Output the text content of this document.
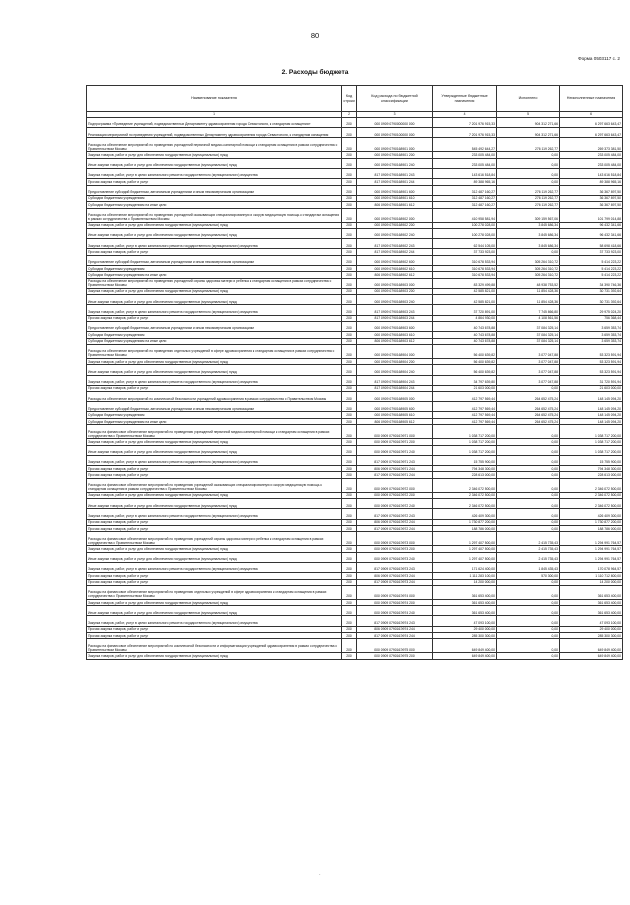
80
Форма 0503117 с. 2
2. Расходы бюджета
Наименование показателя	Код строки	Код расхода по бюджетной классификации	Утвержденные бюджетные назначения	Исполнено	Неисполненные назначения
1	2	3	4	5	6
Подпрограмма «Приведение учреждений, подведомственных Департаменту здравоохранения города Севастополя, к стандартам оснащения»	200	000 0909 0790000000 000	7 201 976 915,33	904 312 271,66	6 297 663 643,47
Реализация мероприятий по приведению учреждений, подведомственных Департаменту здравоохранения города Севастополя, к стандартам оснащения	200	000 0909 0790100000 000	7 201 976 915,33	904 312 271,66	6 297 663 643,47
Расходы на обеспечение мероприятий по приведению учреждений первичной медико-санитарной помощи к стандартам оснащения в рамках сотрудничества с Правительством Москвы	200	000 0909 0790168901 000	545 492 644,27	276 119 262,77	269 373 381,50
Закупка товаров, работ и услуг для обеспечения государственных (муниципальных) нужд	200	000 0909 0790168901 200	233 005 484,00	0,00	233 005 484,00
Иные закупки товаров, работ и услуг для обеспечения государственных (муниципальных) нужд	200	000 0909 0790168901 240	233 005 484,00	0,00	233 005 484,00
Закупка товаров, работ, услуг в целях капитального ремонта государственного (муниципального) имущества	200	817 0909 0790168901 243	143 616 518,84	0,00	143 616 518,84
Прочая закупка товаров, работ и услуг	200	817 0909 0790168901 244	89 388 965,16	0,00	89 388 965,16
Предоставление субсидий бюджетным, автономным учреждениям и иным некоммерческим организациям	200	000 0909 0790168901 600	312 487 160,27	276 119 262,77	36 367 897,50
Субсидии бюджетным учреждениям	200	000 0909 0790168901 610	312 487 160,27	276 119 262,77	36 367 897,50
Субсидии бюджетным учреждениям на иные цели	200	806 0909 0790168901 612	312 487 160,27	276 119 262,77	36 367 897,50
Расходы на обеспечение мероприятий по приведению учреждений оказывающих специализированную и скорую медицинскую помощь к стандартам оснащения в рамках сотрудничества с Правительством Москвы	200	000 0909 0790168902 000	410 958 581,94	309 159 567,06	101 799 014,88
Закупка товаров, работ и услуг для обеспечения государственных (муниципальных) нужд	200	000 0909 0790168902 200	100 278 028,00	3 845 686,34	96 432 341,66
Иные закупки товаров, работ и услуг для обеспечения государственных (муниципальных) нужд	200	000 0909 0790168902 240	100 278 028,00	3 845 686,34	96 432 341,66
Закупка товаров, работ, услуг в целях капитального ремонта государственного (муниципального) имущества	200	817 0909 0790168902 243	62 544 105,00	3 845 686,34	58 698 418,66
Прочая закупка товаров, работ и услуг	200	817 0909 0790168902 244	37 733 923,00	0,00	37 733 923,00
Предоставление субсидий бюджетным, автономным учреждениям и иным некоммерческим организациям	200	000 0909 0790168902 600	310 678 533,94	305 264 310,72	5 414 223,22
Субсидии бюджетным учреждениям	200	000 0909 0790168902 610	310 678 533,94	305 264 310,72	5 414 223,22
Субсидии бюджетным учреждениям на иные цели	200	806 0909 0790168902 612	310 678 533,94	305 264 310,72	5 414 223,22
Расходы на обеспечение мероприятий по приведению учреждений охраны здоровья матери и ребенка к стандартам оснащения в рамках сотрудничества с Правительством Москвы	200	000 0909 0790168903 000	83 329 499,88	48 938 753,52	34 390 746,36
Закупка товаров, работ и услуг для обеспечения государственных (муниципальных) нужд	200	000 0909 0790168903 200	42 585 821,00	11 854 428,36	30 731 392,64
Иные закупки товаров, работ и услуг для обеспечения государственных (муниципальных) нужд	200	000 0909 0790168903 240	42 585 821,00	11 854 428,36	30 731 392,64
Закупка товаров, работ, услуг в целях капитального ремонта государственного (муниципального) имущества	200	817 0909 0790168903 243	37 720 891,00	7 745 866,80	29 975 024,20
Прочая закупка товаров, работ и услуг	200	817 0909 0790168903 244	4 864 930,00	4 108 561,56	756 368,44
Предоставление субсидий бюджетным, автономным учреждениям и иным некоммерческим организациям	200	000 0909 0790168903 600	40 743 678,88	37 084 325,14	3 659 353,74
Субсидии бюджетным учреждениям	200	000 0909 0790168903 610	40 743 678,88	37 084 325,14	3 659 353,74
Субсидии бюджетным учреждениям на иные цели	200	806 0909 0790168903 612	40 743 678,88	37 084 325,14	3 659 353,74
Расходы на обеспечение мероприятий по приведению отдельных учреждений в сфере здравоохранения к стандартам оснащения в рамках сотрудничества с Правительством Москвы	200	000 0909 0790168904 000	56 400 639,82	3 077 047,88	53 323 591,94
Закупка товаров, работ и услуг для обеспечения государственных (муниципальных) нужд	200	000 0909 0790168904 200	56 400 639,82	3 077 047,88	53 323 591,94
Иные закупки товаров, работ и услуг для обеспечения государственных (муниципальных) нужд	200	000 0909 0790168904 240	56 400 639,82	3 077 047,88	53 323 591,94
Закупка товаров, работ, услуг в целях капитального ремонта государственного (муниципального) имущества	200	817 0909 0790168904 243	34 797 639,80	3 077 047,88	31 720 591,94
Прочая закупка товаров, работ и услуг	200	817 0909 0790168904 244	21 603 000,00	0,00	21 603 000,00
Расходы на обеспечение мероприятий по комплексной безопасности учреждений здравоохранения в рамках сотрудничества с Правительством Москвы	200	000 0909 0790168905 000	412 797 569,44	264 652 475,24	148 145 094,20
Предоставление субсидий бюджетным, автономным учреждениям и иным некоммерческим организациям	200	000 0909 0790168905 600	412 797 569,44	264 652 475,24	148 145 094,20
Субсидии бюджетным учреждениям	200	000 0909 0790168905 610	412 797 569,44	264 652 475,24	148 145 094,20
Субсидии бюджетным учреждениям на иные цели	200	806 0909 0790168905 612	412 797 569,44	264 652 475,24	148 145 094,20
Расходы на финансовое обеспечение мероприятий по приведению учреждений первичной медико-санитарной помощи к стандартам оснащения в рамках сотрудничества с Правительством Москвы	200	000 0909 079016Э971 000	1 038 717 200,00	0,00	1 038 717 200,00
Закупка товаров, работ и услуг для обеспечения государственных (муниципальных) нужд	200	000 0909 079016Э971 200	1 038 717 200,00	0,00	1 038 717 200,00
Иные закупки товаров, работ и услуг для обеспечения государственных (муниципальных) нужд	200	000 0909 079016Э971 240	1 038 717 200,00	0,00	1 038 717 200,00
Закупка товаров, работ, услуг в целях капитального ремонта государственного (муниципального) имущества	200	817 0909 079016Э971 243	15 755 900,00	0,00	15 755 900,00
Прочая закупка товаров, работ и услуг	200	806 0909 079016Э971 244	794 348 300,00	0,00	794 348 300,00
Прочая закупка товаров, работ и услуг	200	817 0909 079016Э971 244	228 613 000,00	0,00	228 613 000,00
Расходы на финансовое обеспечение мероприятий по приведению учреждений оказывающих специализированную и скорую медицинскую помощь к стандартам оснащения в рамках сотрудничества с Правительством Москвы	200	000 0909 079016Э972 000	2 346 072 500,00	0,00	2 346 072 500,00
Закупка товаров, работ и услуг для обеспечения государственных (муниципальных) нужд	200	000 0909 079016Э972 200	2 346 072 500,00	0,00	2 346 072 500,00
Иные закупки товаров, работ и услуг для обеспечения государственных (муниципальных) нужд	200	000 0909 079016Э972 240	2 346 072 500,00	0,00	2 346 072 500,00
Закупка товаров, работ, услуг в целях капитального ремонта государственного (муниципального) имущества	200	817 0909 079016Э972 243	426 409 300,00	0,00	426 409 300,00
Прочая закупка товаров, работ и услуг	200	806 0909 079016Э972 244	1 730 877 200,00	0,00	1 730 877 200,00
Прочая закупка товаров, работ и услуг	200	817 0909 079016Э972 244	188 786 000,00	0,00	188 786 000,00
Расходы на финансовое обеспечение мероприятий по приведению учреждений охраны здоровья матери и ребенка к стандартам оснащения в рамках сотрудничества с Правительством Москвы	200	000 0909 079016Э973 000	1 297 407 500,00	2 415 735,43	1 294 991 764,57
Закупка товаров, работ и услуг для обеспечения государственных (муниципальных) нужд	200	000 0909 079016Э973 200	1 297 407 500,00	2 415 735,43	1 294 991 764,57
Иные закупки товаров, работ и услуг для обеспечения государственных (муниципальных) нужд	200	000 0909 079016Э973 240	1 297 407 500,00	2 415 735,43	1 294 991 764,57
Закупка товаров, работ, услуг в целях капитального ремонта государственного (муниципального) имущества	200	817 0909 079016Э973 243	171 624 400,00	1 845 435,43	170 078 964,57
Прочая закупка товаров, работ и услуг	200	806 0909 079016Э973 244	1 111 283 100,00	570 300,00	1 110 712 800,00
Прочая закупка товаров, работ и услуг	200	817 0909 079016Э973 244	14 200 000,00	0,00	14 200 000,00
Расходы на финансовое обеспечение мероприятий по приведению отдельных учреждений в сфере здравоохранения к стандартам оснащения в рамках сотрудничества с Правительством Москвы	200	000 0909 079016Э974 000	361 653 400,00	0,00	361 653 400,00
Закупка товаров, работ и услуг для обеспечения государственных (муниципальных) нужд	200	000 0909 079016Э974 200	361 653 400,00	0,00	361 653 400,00
Иные закупки товаров, работ и услуг для обеспечения государственных (муниципальных) нужд	200	000 0909 079016Э974 240	361 653 400,00	0,00	361 653 400,00
Закупка товаров, работ, услуг в целях капитального ремонта государственного (муниципального) имущества	200	817 0909 079016Э974 243	47 093 100,00	0,00	47 093 100,00
Прочая закупка товаров, работ и услуг	200	806 0909 079016Э974 244	29 400 000,00	0,00	29 400 000,00
Прочая закупка товаров, работ и услуг	200	817 0909 079016Э974 244	285 300 300,00	0,00	285 300 300,00
Расходы на финансовое обеспечение мероприятий по комплексной безопасности и информатизации учреждений здравоохранения в рамках сотрудничества с Правительством Москвы	200	000 0909 079016Э975 000	649 849 400,00	0,00	649 849 400,00
Закупка товаров, работ и услуг для обеспечения государственных (муниципальных) нужд	200	000 0909 079016Э975 200	649 849 400,00	0,00	649 849 400,00
·
